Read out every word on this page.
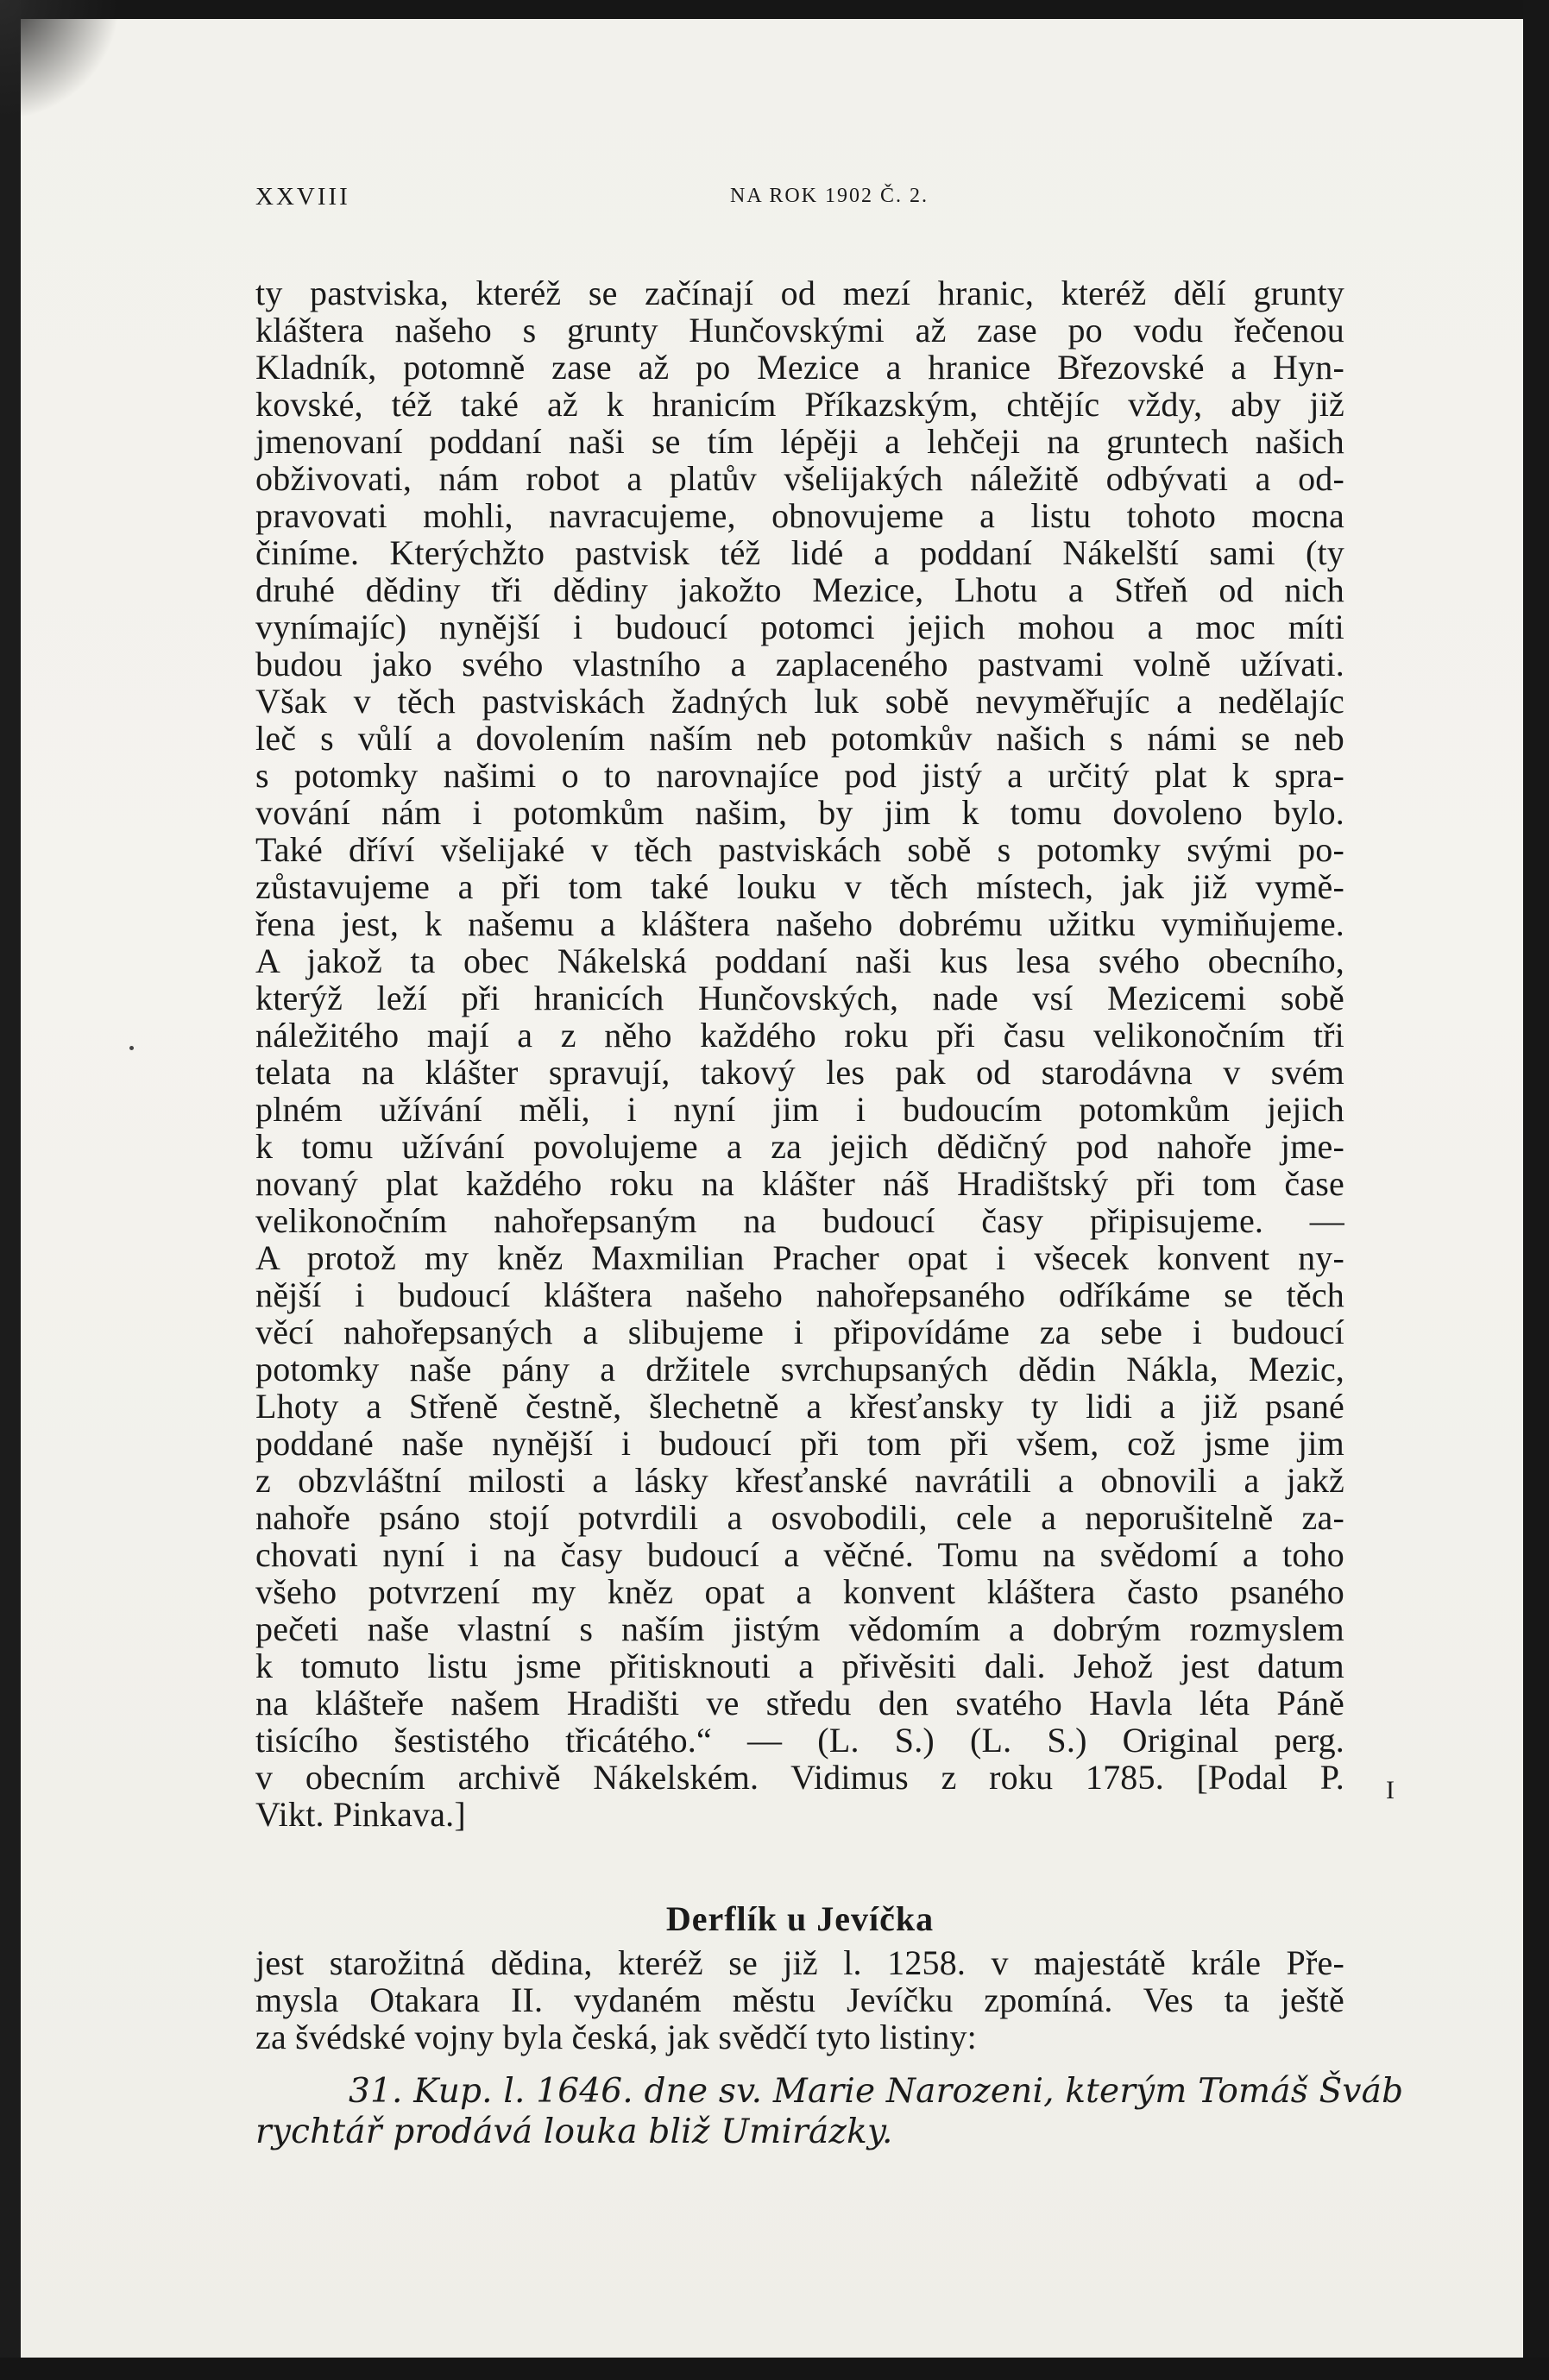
XXVIII	NA ROK 1902 Č. 2.
ty pastviska, kteréž se začínají od mezí hranic, kteréž dělí grunty
kláštera našeho s grunty Hunčovskými až zase po vodu řečenou
Kladník, potomně zase až po Mezice a hranice Březovské a Hyn-
kovské, též také až k hranicím Příkazským, chtějíc vždy, aby již
jmenovaní poddaní naši se tím lépěji a lehčeji na gruntech našich
obživovati, nám robot a platův všelijakých náležitě odbývati a od-
pravovati mohli, navracujeme, obnovujeme a listu tohoto mocna
činíme. Kterýchžto pastvisk též lidé a poddaní Nákelští sami (ty
druhé dědiny tři dědiny jakožto Mezice, Lhotu a Střeň od nich
vynímajíc) nynější i budoucí potomci jejich mohou a moc míti
budou jako svého vlastního a zaplaceného pastvami volně užívati.
Však v těch pastviskách žadných luk sobě nevyměřujíc a nedělajíc
leč s vůlí a dovolením naším neb potomkův našich s námi se neb
s potomky našimi o to narovnajíce pod jistý a určitý plat k spra-
vování nám i potomkům našim, by jim k tomu dovoleno bylo.
Také dříví všelijaké v těch pastviskách sobě s potomky svými po-
zůstavujeme a při tom také louku v těch místech, jak již vymě-
řena jest, k našemu a kláštera našeho dobrému užitku vymiňujeme.
A jakož ta obec Nákelská poddaní naši kus lesa svého obecního,
kterýž leží při hranicích Hunčovských, nade vsí Mezicemi sobě
náležitého mají a z něho každého roku při času velikonočním tři
telata na klášter spravují, takový les pak od starodávna v svém
plném užívání měli, i nyní jim i budoucím potomkům jejich
k tomu užívání povolujeme a za jejich dědičný pod nahoře jme-
novaný plat každého roku na klášter náš Hradištský při tom čase
velikonočním nahořepsaným na budoucí časy připisujeme. —
A protož my kněz Maxmilian Pracher opat i všecek konvent ny-
nější i budoucí kláštera našeho nahořepsaného odříkáme se těch
věcí nahořepsaných a slibujeme i připovídáme za sebe i budoucí
potomky naše pány a držitele svrchupsaných dědin Nákla, Mezic,
Lhoty a Střeně čestně, šlechetně a křesťansky ty lidi a již psané
poddané naše nynější i budoucí při tom při všem, což jsme jim
z obzvláštní milosti a lásky křesťanské navrátili a obnovili a jakž
nahoře psáno stojí potvrdili a osvobodili, cele a neporušitelně za-
chovati nyní i na časy budoucí a věčné. Tomu na svědomí a toho
všeho potvrzení my kněz opat a konvent kláštera často psaného
pečeti naše vlastní s naším jistým vědomím a dobrým rozmyslem
k tomuto listu jsme přitisknouti a přivěsiti dali. Jehož jest datum
na klášteře našem Hradišti ve středu den svatého Havla léta Páně
tisícího šestistého třicátého.“ — (L. S.) (L. S.) Original perg.
v obecním archivě Nákelském. Vidimus z roku 1785. [Podal P.
Vikt. Pinkava.]
I
Derflík u Jevíčka
jest starožitná dědina, kteréž se již l. 1258. v majestátě krále Pře-
mysla Otakara II. vydaném městu Jevíčku zpomíná. Ves ta ještě
za švédské vojny byla česká, jak svědčí tyto listiny:
31. Kup. l. 1646. dne sv. Marie Narozeni, kterým Tomáš Šváb
rychtář prodává louka bliž Umirázky.
